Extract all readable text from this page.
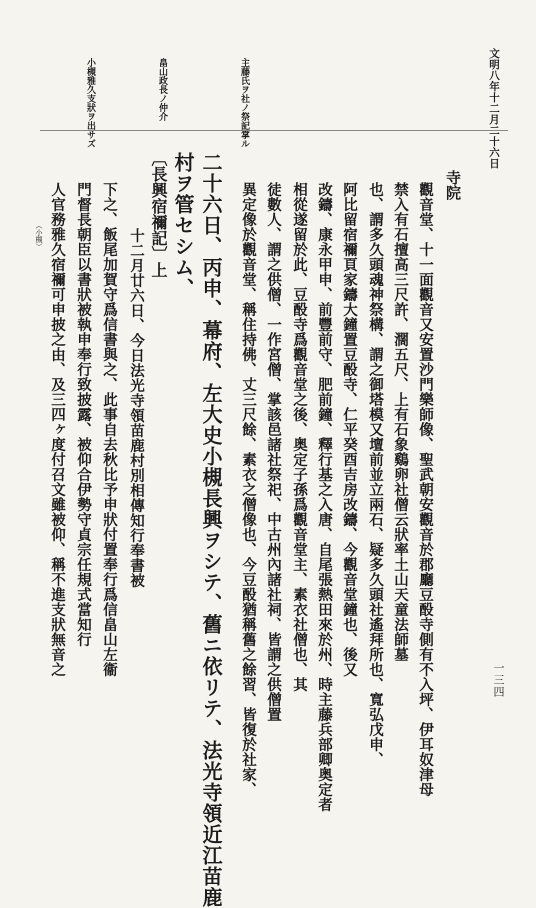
文明八年十二月二十六日
一三四
小槻雅久支狀ヲ出サズ	畠山政長ノ仲介	主藤氏ヲ社ノ祭記掌ル
寺院
觀音堂、十一面觀音又安置沙門樂師像、聖武朝安觀音於郡廳豆酘寺側有不入坪、伊耳奴津母
禁入有石擅高三尺許、濶五尺、上有石象鷄卵社僧云狀率土山天童法師墓
也、謂多久頭魂神祭構、謂之御塔模又壇前並立兩石、疑多久頭社遙拜所也、寬弘戊申、
阿比留宿禰頁家鑄大鐘置豆酘寺、仁平癸酉吉房改鑄、今觀音堂鐘也、後又
改鑄、康永甲申、前豐前守、肥前鐘、釋行基之入唐、自尾張熱田來於州、時主藤兵部卿奥定者
相從遂留於此、豆酘寺爲觀音堂之後、奥定子孫爲觀音堂主、素衣社僧也、其
徒數人、謂之供僧、一作宮僧、掌該邑諸社祭祀、中古州內諸社祠、皆謂之供僧置
異定像於觀音堂、稱住持佛、丈三尺餘、素衣之僧像也、今豆酘猶稱舊之餘習、皆復於社家、
二十六日、丙申、幕府、左大史小槻長興ヲシテ、舊ニ依リテ、法光寺領近江苗鹿
村ヲ管セシム、
〔長興宿禰記〕上
十二月廿六日、今日法光寺領苗鹿村別相傳知行奉書被
下之、飯尾加賀守爲信書與之、此事自去秋比予申狀付置奉行爲信畠山左衞
門督長朝臣以書狀被執申奉行致披露、被仰合伊勢守貞宗任規式當知行
人官務雅久宿禰可申披之由、及三四ヶ度付召文雖被仰、稱不進支狀無音之
（小槻）
